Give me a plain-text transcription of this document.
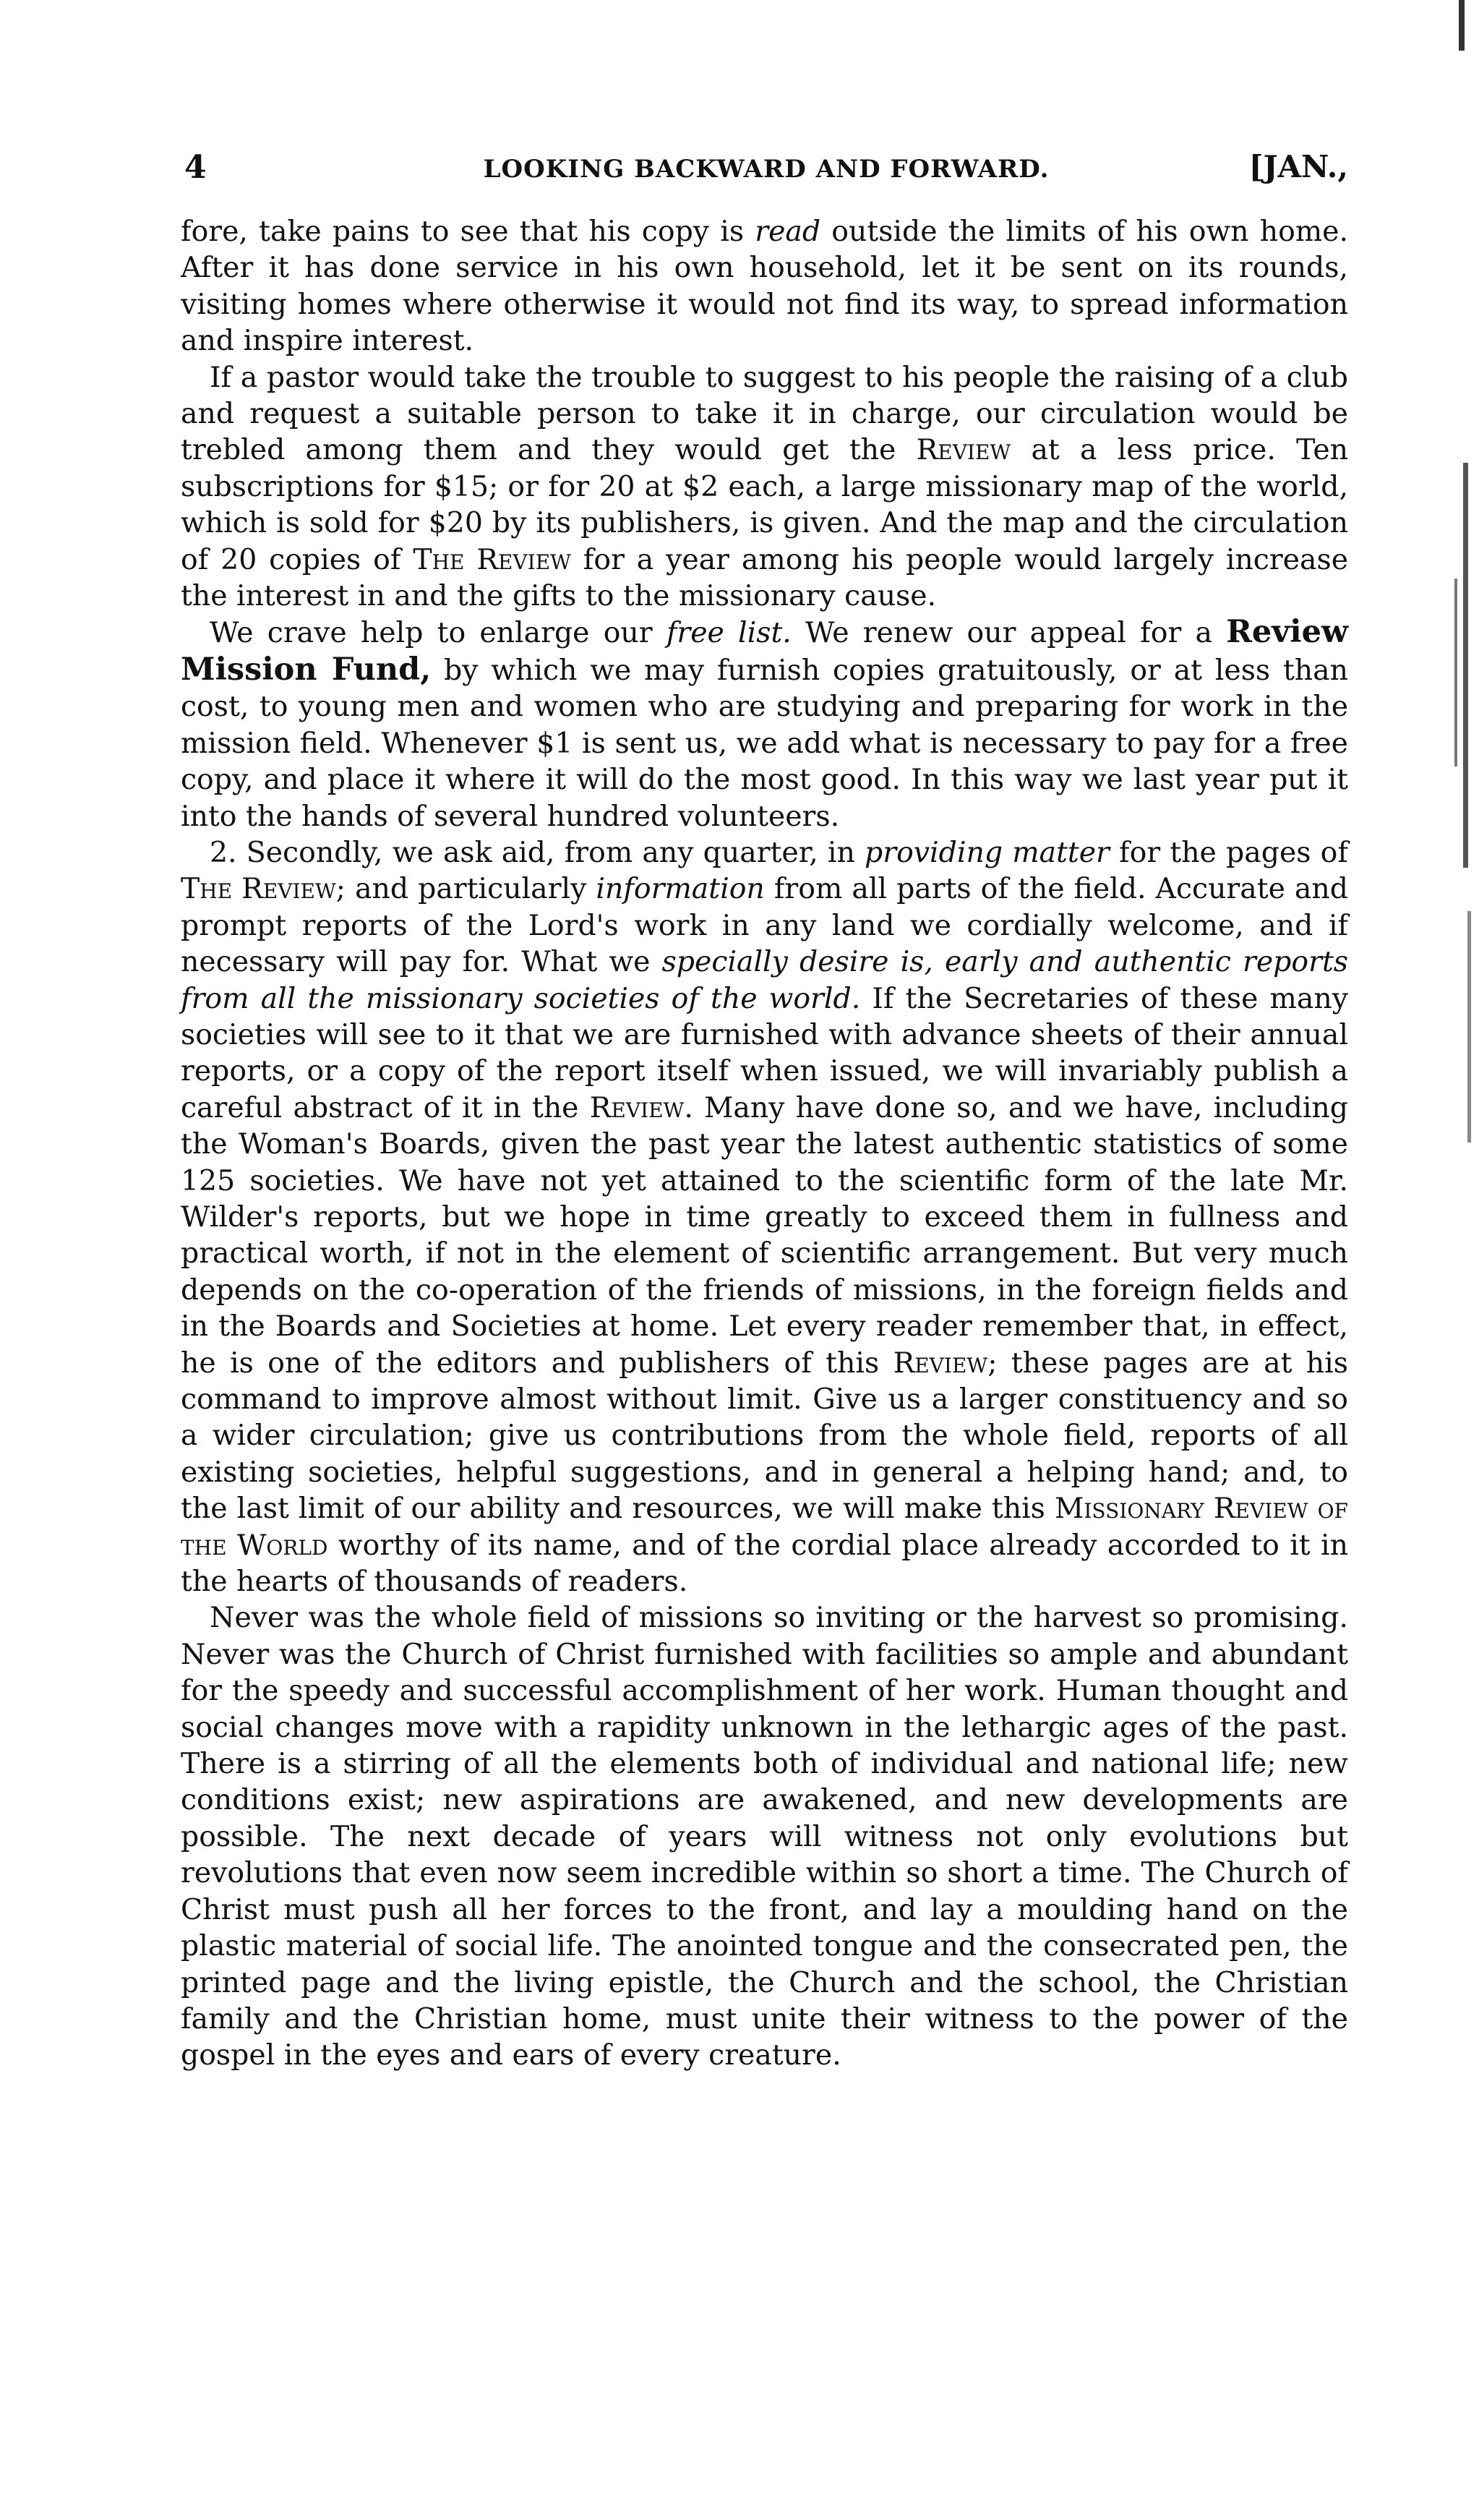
4	LOOKING BACKWARD AND FORWARD.	[JAN.,

fore, take pains to see that his copy is read outside the limits of his own home. After it has done service in his own household, let it be sent on its rounds, visiting homes where otherwise it would not find its way, to spread information and inspire interest.

If a pastor would take the trouble to suggest to his people the raising of a club and request a suitable person to take it in charge, our circulation would be trebled among them and they would get the Review at a less price. Ten subscriptions for $15; or for 20 at $2 each, a large missionary map of the world, which is sold for $20 by its publishers, is given. And the map and the circulation of 20 copies of The Review for a year among his people would largely increase the interest in and the gifts to the missionary cause.

We crave help to enlarge our free list. We renew our appeal for a Review Mission Fund, by which we may furnish copies gratuitously, or at less than cost, to young men and women who are studying and preparing for work in the mission field. Whenever $1 is sent us, we add what is necessary to pay for a free copy, and place it where it will do the most good. In this way we last year put it into the hands of several hundred volunteers.

2. Secondly, we ask aid, from any quarter, in providing matter for the pages of The Review; and particularly information from all parts of the field. Accurate and prompt reports of the Lord's work in any land we cordially welcome, and if necessary will pay for. What we specially desire is, early and authentic reports from all the missionary societies of the world. If the Secretaries of these many societies will see to it that we are furnished with advance sheets of their annual reports, or a copy of the report itself when issued, we will invariably publish a careful abstract of it in the Review. Many have done so, and we have, including the Woman's Boards, given the past year the latest authentic statistics of some 125 societies. We have not yet attained to the scientific form of the late Mr. Wilder's reports, but we hope in time greatly to exceed them in fullness and practical worth, if not in the element of scientific arrangement. But very much depends on the co-operation of the friends of missions, in the foreign fields and in the Boards and Societies at home. Let every reader remember that, in effect, he is one of the editors and publishers of this Review; these pages are at his command to improve almost without limit. Give us a larger constituency and so a wider circulation; give us contributions from the whole field, reports of all existing societies, helpful suggestions, and in general a helping hand; and, to the last limit of our ability and resources, we will make this Missionary Review of the World worthy of its name, and of the cordial place already accorded to it in the hearts of thousands of readers.

Never was the whole field of missions so inviting or the harvest so promising. Never was the Church of Christ furnished with facilities so ample and abundant for the speedy and successful accomplishment of her work. Human thought and social changes move with a rapidity unknown in the lethargic ages of the past. There is a stirring of all the elements both of individual and national life; new conditions exist; new aspirations are awakened, and new developments are possible. The next decade of years will witness not only evolutions but revolutions that even now seem incredible within so short a time. The Church of Christ must push all her forces to the front, and lay a moulding hand on the plastic material of social life. The anointed tongue and the consecrated pen, the printed page and the living epistle, the Church and the school, the Christian family and the Christian home, must unite their witness to the power of the gospel in the eyes and ears of every creature.
